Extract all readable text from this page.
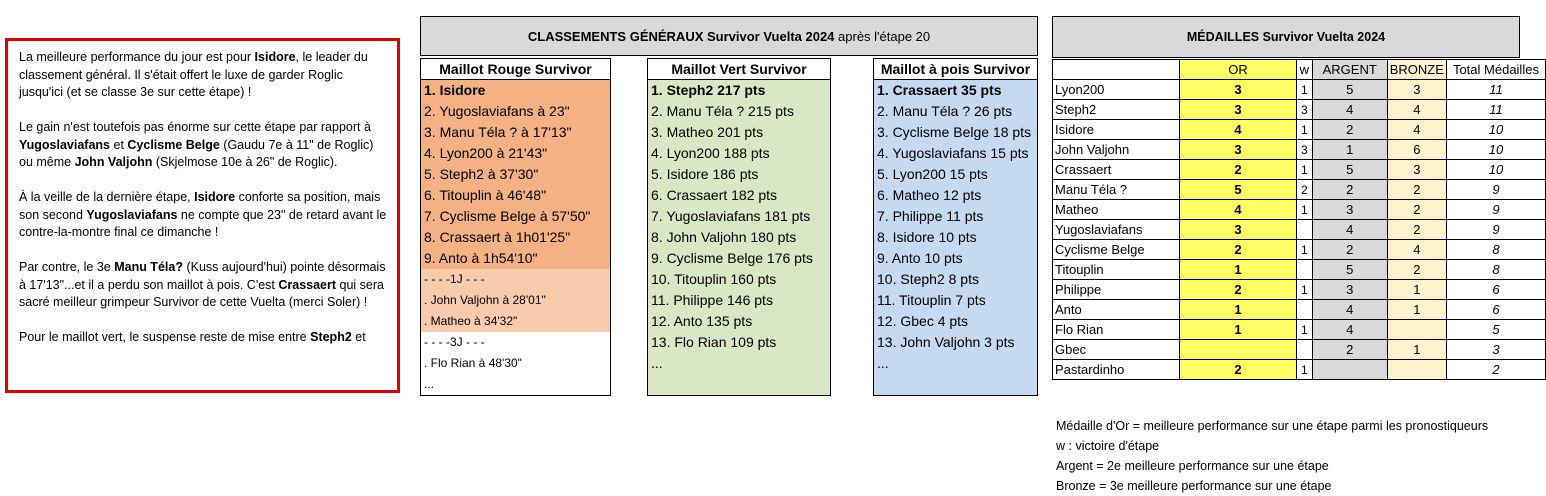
La meilleure performance du jour est pour Isidore, le leader du classement général. Il s'était offert le luxe de garder Roglic jusqu'ici (et se classe 3e sur cette étape) !

Le gain n'est toutefois pas énorme sur cette étape par rapport à Yugoslaviafans et Cyclisme Belge (Gaudu 7e à 11" de Roglic) ou même John Valjohn (Skjelmose 10e à 26" de Roglic).

À la veille de la dernière étape, Isidore conforte sa position, mais son second Yugoslaviafans ne compte que 23" de retard avant le contre-la-montre final ce dimanche !

Par contre, le 3e Manu Téla? (Kuss aujourd'hui) pointe désormais à 17'13"...et il a perdu son maillot à pois. C'est Crassaert qui sera sacré meilleur grimpeur Survivor de cette Vuelta (merci Soler) !

Pour le maillot vert, le suspense reste de mise entre Steph2 et

CLASSEMENTS GÉNÉRAUX Survivor Vuelta 2024 après l'étape 20
Maillot Rouge Survivor
1. Isidore
2. Yugoslaviafans à 23"
3. Manu Téla ? à 17'13"
4. Lyon200 à 21'43"
5. Steph2 à 37'30"
6. Titouplin à 46'48"
7. Cyclisme Belge à 57'50"
8. Crassaert à 1h01'25"
9. Anto à 1h54'10"
- - - -1J - - -
. John Valjohn à 28'01"
. Matheo à 34'32"
- - - -3J - - -
. Flo Rian à 48'30"
...
Maillot Vert Survivor
1. Steph2 217 pts
2. Manu Téla ? 215 pts
3. Matheo 201 pts
4. Lyon200 188 pts
5. Isidore 186 pts
6. Crassaert 182 pts
7. Yugoslaviafans 181 pts
8. John Valjohn 180 pts
9. Cyclisme Belge 176 pts
10. Titouplin 160 pts
11. Philippe 146 pts
12. Anto 135 pts
13. Flo Rian 109 pts
...
Maillot à pois Survivor
1. Crassaert 35 pts
2. Manu Téla ? 26 pts
3. Cyclisme Belge 18 pts
4. Yugoslaviafans 15 pts
5. Lyon200 15 pts
6. Matheo 12 pts
7. Philippe 11 pts
8. Isidore 10 pts
9. Anto 10 pts
10. Steph2 8 pts
11. Titouplin 7 pts
12. Gbec 4 pts
13. John Valjohn 3 pts
...
MÉDAILLES Survivor Vuelta 2024
	OR	w	ARGENT	BRONZE	Total Médailles
Lyon200	3	1	5	3	11
Steph2	3	3	4	4	11
Isidore	4	1	2	4	10
John Valjohn	3	3	1	6	10
Crassaert	2	1	5	3	10
Manu Téla ?	5	2	2	2	9
Matheo	4	1	3	2	9
Yugoslaviafans	3		4	2	9
Cyclisme Belge	2	1	2	4	8
Titouplin	1		5	2	8
Philippe	2	1	3	1	6
Anto	1		4	1	6
Flo Rian	1	1	4		5
Gbec			2	1	3
Pastardinho	2	1			2
Médaille d'Or = meilleure performance sur une étape parmi les pronostiqueurs
w : victoire d'étape
Argent = 2e meilleure performance sur une étape
Bronze = 3e meilleure performance sur une étape
